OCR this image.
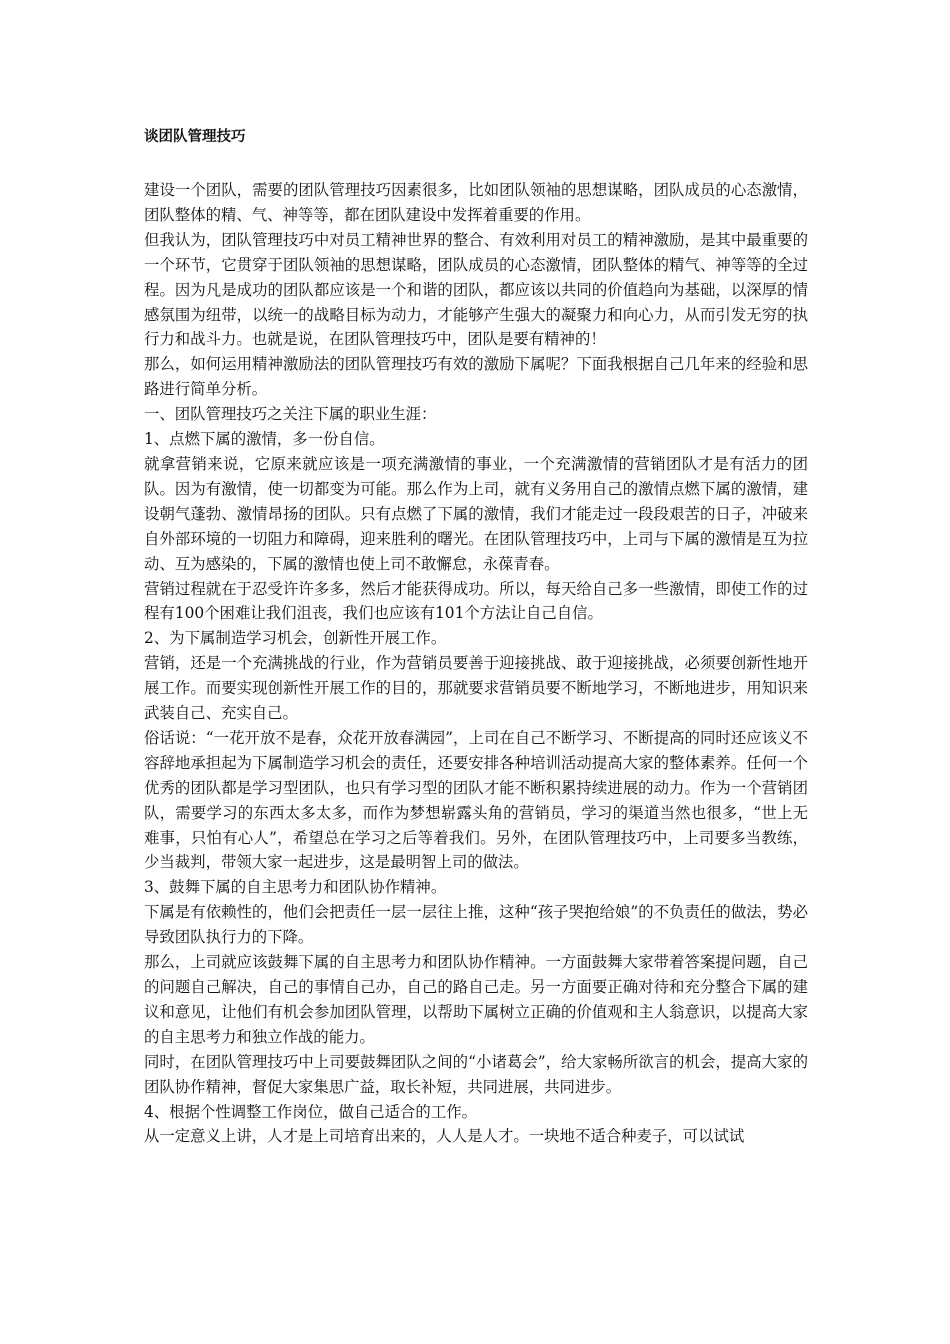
谈团队管理技巧

建设一个团队，需要的团队管理技巧因素很多，比如团队领袖的思想谋略，团队成员的心态激情，团队整体的精、气、神等等，都在团队建设中发挥着重要的作用。

但我认为，团队管理技巧中对员工精神世界的整合、有效利用对员工的精神激励，是其中最重要的一个环节，它贯穿于团队领袖的思想谋略，团队成员的心态激情，团队整体的精气、神等等的全过程。因为凡是成功的团队都应该是一个和谐的团队，都应该以共同的价值趋向为基础，以深厚的情感氛围为纽带，以统一的战略目标为动力，才能够产生强大的凝聚力和向心力，从而引发无穷的执行力和战斗力。也就是说，在团队管理技巧中，团队是要有精神的！

那么，如何运用精神激励法的团队管理技巧有效的激励下属呢？下面我根据自己几年来的经验和思路进行简单分析。

一、团队管理技巧之关注下属的职业生涯：

1、点燃下属的激情，多一份自信。

就拿营销来说，它原来就应该是一项充满激情的事业，一个充满激情的营销团队才是有活力的团队。因为有激情，使一切都变为可能。那么作为上司，就有义务用自己的激情点燃下属的激情，建设朝气蓬勃、激情昂扬的团队。只有点燃了下属的激情，我们才能走过一段段艰苦的日子，冲破来自外部环境的一切阻力和障碍，迎来胜利的曙光。在团队管理技巧中，上司与下属的激情是互为拉动、互为感染的，下属的激情也使上司不敢懈怠，永葆青春。

营销过程就在于忍受许许多多，然后才能获得成功。所以，每天给自己多一些激情，即使工作的过程有100个困难让我们沮丧，我们也应该有101个方法让自己自信。

2、为下属制造学习机会，创新性开展工作。

营销，还是一个充满挑战的行业，作为营销员要善于迎接挑战、敢于迎接挑战，必须要创新性地开展工作。而要实现创新性开展工作的目的，那就要求营销员要不断地学习，不断地进步，用知识来武装自己、充实自己。

俗话说：“一花开放不是春，众花开放春满园”，上司在自己不断学习、不断提高的同时还应该义不容辞地承担起为下属制造学习机会的责任，还要安排各种培训活动提高大家的整体素养。任何一个优秀的团队都是学习型团队，也只有学习型的团队才能不断积累持续进展的动力。作为一个营销团队，需要学习的东西太多太多，而作为梦想崭露头角的营销员，学习的渠道当然也很多，“世上无难事，只怕有心人”，希望总在学习之后等着我们。另外，在团队管理技巧中，上司要多当教练，少当裁判，带领大家一起进步，这是最明智上司的做法。

3、鼓舞下属的自主思考力和团队协作精神。

下属是有依赖性的，他们会把责任一层一层往上推，这种“孩子哭抱给娘”的不负责任的做法，势必导致团队执行力的下降。

那么，上司就应该鼓舞下属的自主思考力和团队协作精神。一方面鼓舞大家带着答案提问题，自己的问题自己解决，自己的事情自己办，自己的路自己走。另一方面要正确对待和充分整合下属的建议和意见，让他们有机会参加团队管理，以帮助下属树立正确的价值观和主人翁意识，以提高大家的自主思考力和独立作战的能力。

同时，在团队管理技巧中上司要鼓舞团队之间的“小诸葛会”，给大家畅所欲言的机会，提高大家的团队协作精神，督促大家集思广益，取长补短，共同进展，共同进步。

4、根据个性调整工作岗位，做自己适合的工作。

从一定意义上讲，人才是上司培育出来的，人人是人才。一块地不适合种麦子，可以试试
